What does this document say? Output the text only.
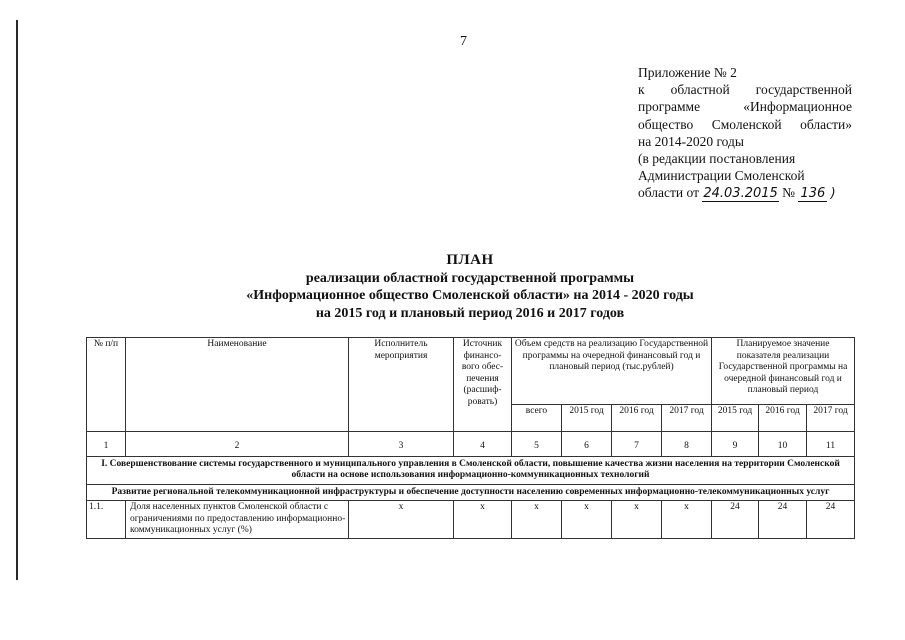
7
Приложение № 2
к областной государственной
программе «Информационное
общество Смоленской области»
на 2014-2020 годы
(в редакции постановления
Администрации Смоленской
области от 24.03.2015 № 136 )
ПЛАН
реализации областной государственной программы
«Информационное общество Смоленской области» на 2014 - 2020 годы
на 2015 год и плановый период 2016 и 2017 годов
№ п/п	Наименование	Исполнитель мероприятия	Источник финансо-вого обес-печения (расшиф-ровать)	Объем средств на реализацию Государственной программы на очередной финансовый год и плановый период (тыс.рублей)				Планируемое значение показателя реализации Государственной программы на очередной финансовый год и плановый период		
				всего	2015 год	2016 год	2017 год	2015 год	2016 год	2017 год
1	2	3	4	5	6	7	8	9	10	11
I. Совершенствование системы государственного и муниципального управления в Смоленской области, повышение качества жизни населения на территории Смоленской области на основе использования информационно-коммуникационных технологий										
Развитие региональной телекоммуникационной инфраструктуры и обеспечение доступности населению современных информационно-телекоммуникационных услуг										
1.1.	Доля населенных пунктов Смоленской области с ограничениями по предоставлению информационно-коммуникационных услуг (%)	x	x	x	x	x	x	24	24	24
